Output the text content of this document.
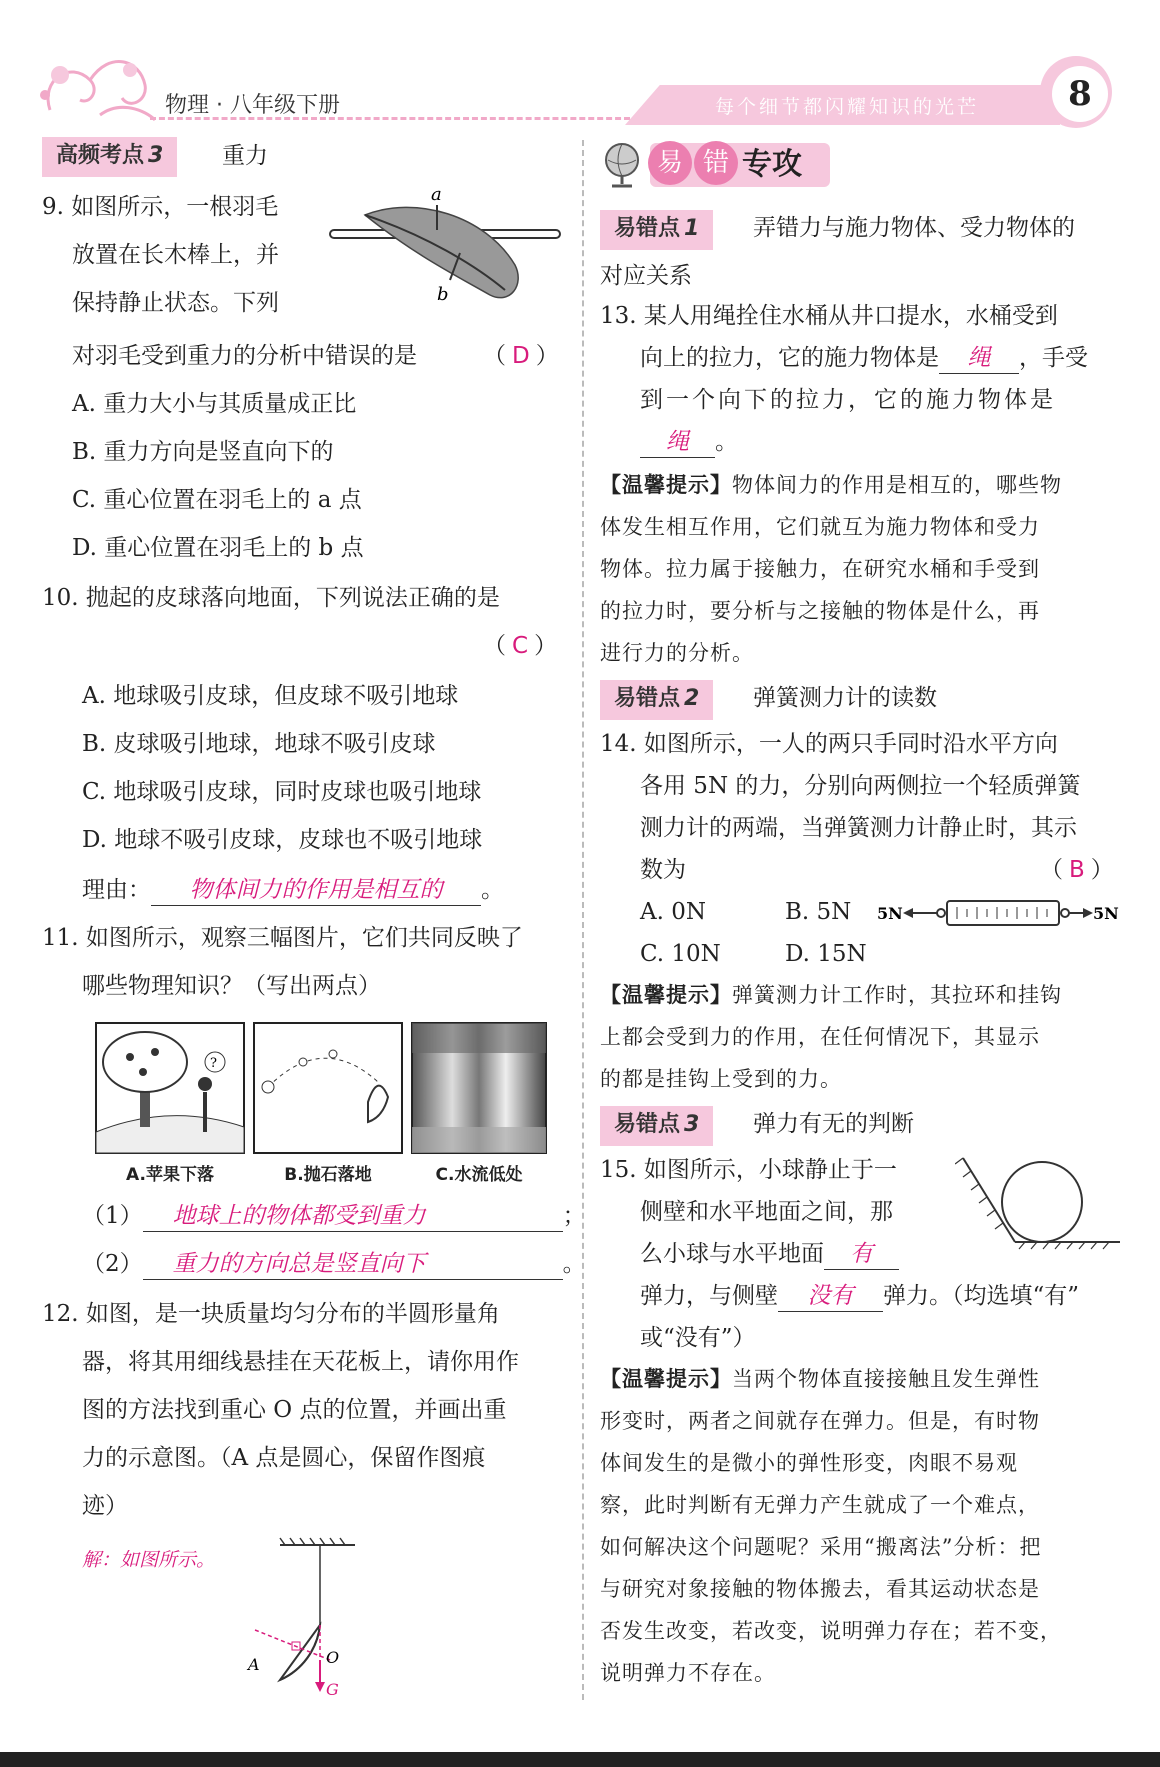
物理 · 八年级下册	每个细节都闪耀知识的光芒	8
高频考点 3	重力
9. 如图所示，一根羽毛
放置在长木棒上，并
保持静止状态。下列
a
b
对羽毛受到重力的分析中错误的是	（ D ）
A. 重力大小与其质量成正比
B. 重力方向是竖直向下的
C. 重心位置在羽毛上的 a 点
D. 重心位置在羽毛上的 b 点
10. 抛起的皮球落向地面，下列说法正确的是
（ C ）
A. 地球吸引皮球，但皮球不吸引地球
B. 皮球吸引地球，地球不吸引皮球
C. 地球吸引皮球，同时皮球也吸引地球
D. 地球不吸引皮球，皮球也不吸引地球
理由： 物体间力的作用是相互的 。
11. 如图所示，观察三幅图片，它们共同反映了
哪些物理知识？（写出两点）
?
A.苹果下落	B.抛石落地	C.水流低处
（1） 地球上的物体都受到重力	；
（2） 重力的方向总是竖直向下	。
12. 如图，是一块质量均匀分布的半圆形量角
器，将其用细线悬挂在天花板上，请你用作
图的方法找到重心 O 点的位置，并画出重
力的示意图。（A 点是圆心，保留作图痕
迹）
解：如图所示。
A	O
G
易 错 专攻
易错点 1	弄错力与施力物体、受力物体的
对应关系
13. 某人用绳拴住水桶从井口提水，水桶受到
向上的拉力，它的施力物体是 绳 ，手受
到一个向下的拉力，它的施力物体是
绳 。
【温馨提示】物体间力的作用是相互的，哪些物
体发生相互作用，它们就互为施力物体和受力
物体。拉力属于接触力，在研究水桶和手受到
的拉力时，要分析与之接触的物体是什么，再
进行力的分析。
易错点 2	弹簧测力计的读数
14. 如图所示，一人的两只手同时沿水平方向
各用 5N 的力，分别向两侧拉一个轻质弹簧
测力计的两端，当弹簧测力计静止时，其示
数为	（ B ）
A. 0N	B. 5N
C. 10N	D. 15N
5N	5N
【温馨提示】弹簧测力计工作时，其拉环和挂钩
上都会受到力的作用，在任何情况下，其显示
的都是挂钩上受到的力。
易错点 3	弹力有无的判断
15. 如图所示，小球静止于一
侧壁和水平地面之间，那
么小球与水平地面 有
弹力，与侧壁 没有 弹力。（均选填“有”
或“没有”）
【温馨提示】当两个物体直接接触且发生弹性
形变时，两者之间就存在弹力。但是，有时物
体间发生的是微小的弹性形变，肉眼不易观
察，此时判断有无弹力产生就成了一个难点，
如何解决这个问题呢？采用“搬离法”分析：把
与研究对象接触的物体搬去，看其运动状态是
否发生改变，若改变，说明弹力存在；若不变，
说明弹力不存在。
